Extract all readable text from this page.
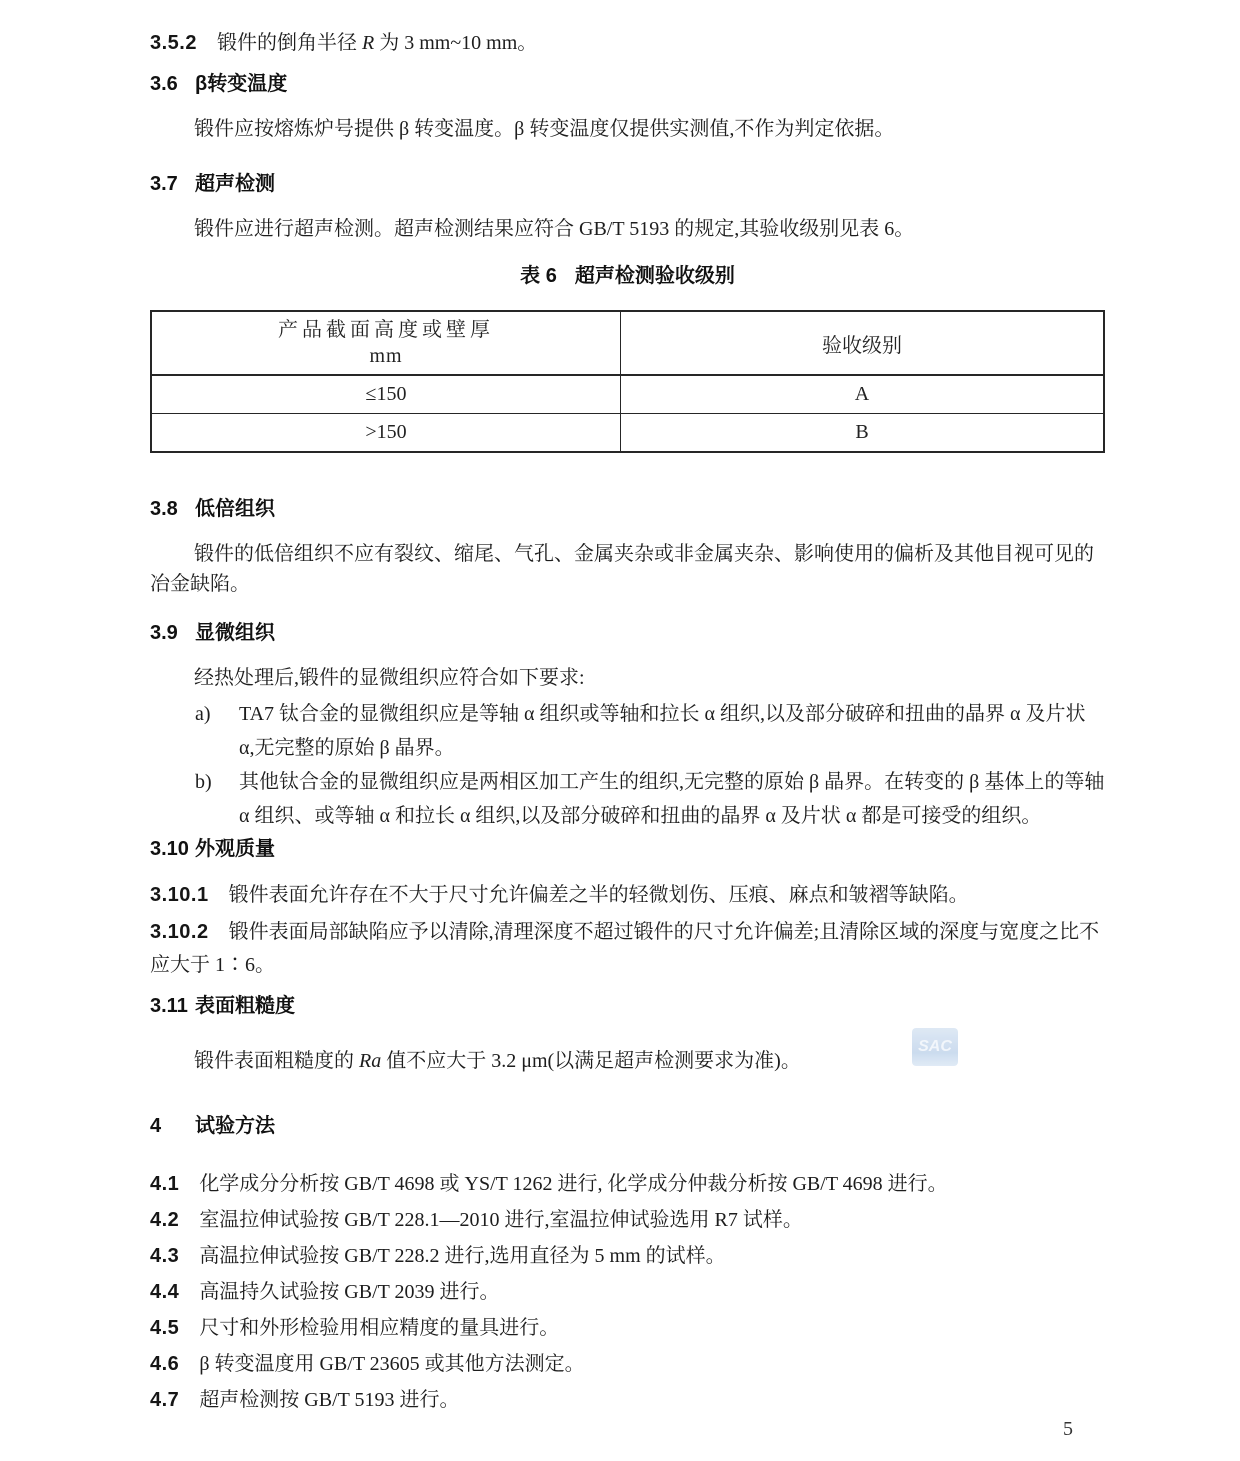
3.5.2 锻件的倒角半径 R 为 3 mm~10 mm。

3.6 β转变温度

锻件应按熔炼炉号提供 β 转变温度。β 转变温度仅提供实测值,不作为判定依据。

3.7 超声检测

锻件应进行超声检测。超声检测结果应符合 GB/T 5193 的规定,其验收级别见表 6。

表 6 超声检测验收级别

产品截面高度或壁厚
mm	验收级别
≤150	A
>150	B

3.8 低倍组织

锻件的低倍组织不应有裂纹、缩尾、气孔、金属夹杂或非金属夹杂、影响使用的偏析及其他目视可见的冶金缺陷。

3.9 显微组织

经热处理后,锻件的显微组织应符合如下要求:

a)	TA7 钛合金的显微组织应是等轴 α 组织或等轴和拉长 α 组织,以及部分破碎和扭曲的晶界 α 及片状 α,无完整的原始 β 晶界。
b)	其他钛合金的显微组织应是两相区加工产生的组织,无完整的原始 β 晶界。在转变的 β 基体上的等轴 α 组织、或等轴 α 和拉长 α 组织,以及部分破碎和扭曲的晶界 α 及片状 α 都是可接受的组织。

3.10 外观质量

3.10.1 锻件表面允许存在不大于尺寸允许偏差之半的轻微划伤、压痕、麻点和皱褶等缺陷。

3.10.2 锻件表面局部缺陷应予以清除,清理深度不超过锻件的尺寸允许偏差;且清除区域的深度与宽度之比不应大于 1∶6。

3.11 表面粗糙度

锻件表面粗糙度的 Ra 值不应大于 3.2 μm(以满足超声检测要求为准)。

4 试验方法

4.1 化学成分分析按 GB/T 4698 或 YS/T 1262 进行, 化学成分仲裁分析按 GB/T 4698 进行。

4.2 室温拉伸试验按 GB/T 228.1—2010 进行,室温拉伸试验选用 R7 试样。

4.3 高温拉伸试验按 GB/T 228.2 进行,选用直径为 5 mm 的试样。

4.4 高温持久试验按 GB/T 2039 进行。

4.5 尺寸和外形检验用相应精度的量具进行。

4.6 β 转变温度用 GB/T 23605 或其他方法测定。

4.7 超声检测按 GB/T 5193 进行。

SAC
5
